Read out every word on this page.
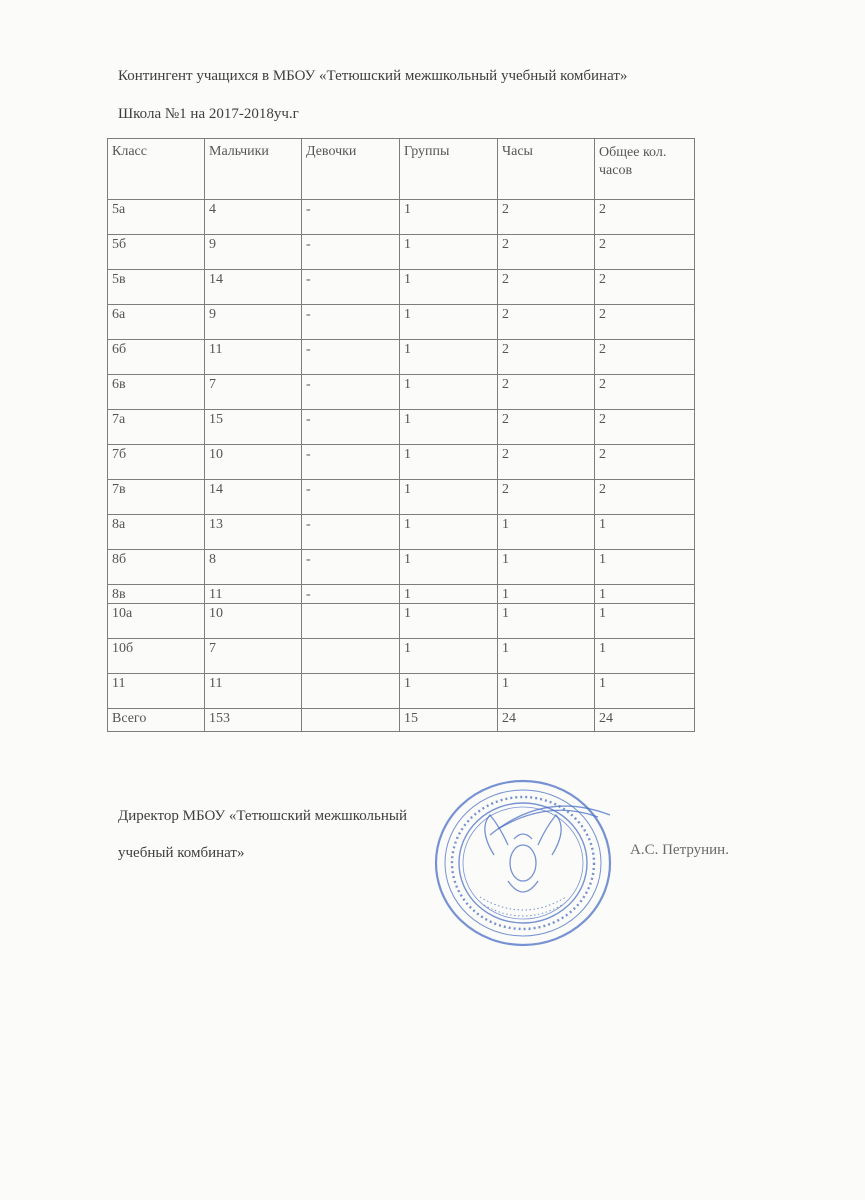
Контингент учащихся в МБОУ «Тетюшский межшкольный учебный комбинат»
Школа №1 на 2017-2018уч.г
Класс	Мальчики	Девочки	Группы	Часы	Общее кол. часов
5а	4	-	1	2	2
5б	9	-	1	2	2
5в	14	-	1	2	2
6а	9	-	1	2	2
6б	11	-	1	2	2
6в	7	-	1	2	2
7а	15	-	1	2	2
7б	10	-	1	2	2
7в	14	-	1	2	2
8а	13	-	1	1	1
8б	8	-	1	1	1
8в	11	-	1	1	1
10а	10		1	1	1
10б	7		1	1	1
11	11		1	1	1
Всего	153		15	24	24
Директор МБОУ «Тетюшский межшкольный
учебный комбинат»	А.С. Петрунин.
